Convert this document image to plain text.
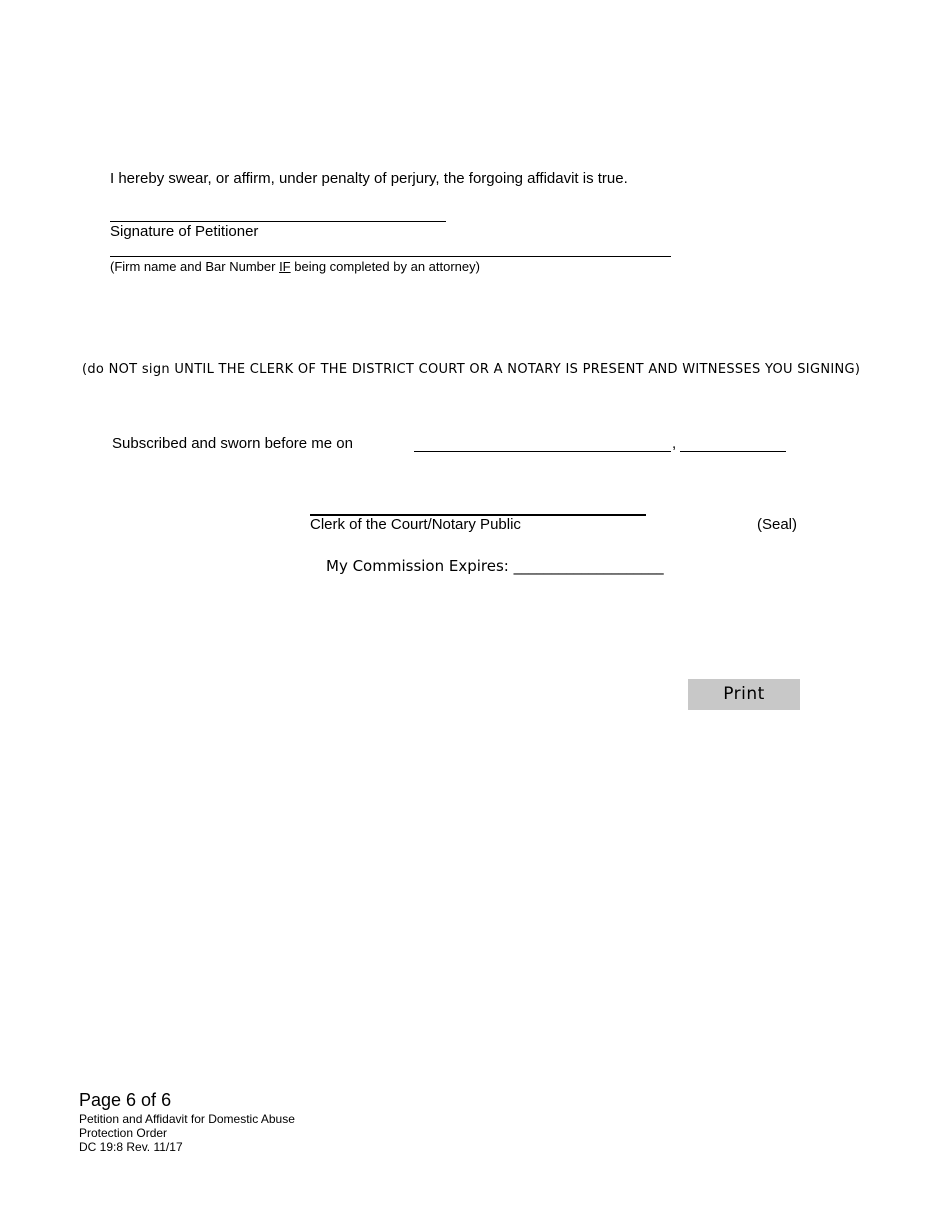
I hereby swear, or affirm, under penalty of perjury, the forgoing affidavit is true.
Signature of Petitioner
(Firm name and Bar Number IF being completed by an attorney)
(do NOT sign UNTIL THE CLERK OF THE DISTRICT COURT OR A NOTARY IS PRESENT AND WITNESSES YOU SIGNING)
Subscribed and sworn before me on	,
Clerk of the Court/Notary Public	(Seal)
My Commission Expires: ____________________
Print
Page 6 of 6
Petition and Affidavit for Domestic Abuse
Protection Order
DC 19:8 Rev. 11/17
